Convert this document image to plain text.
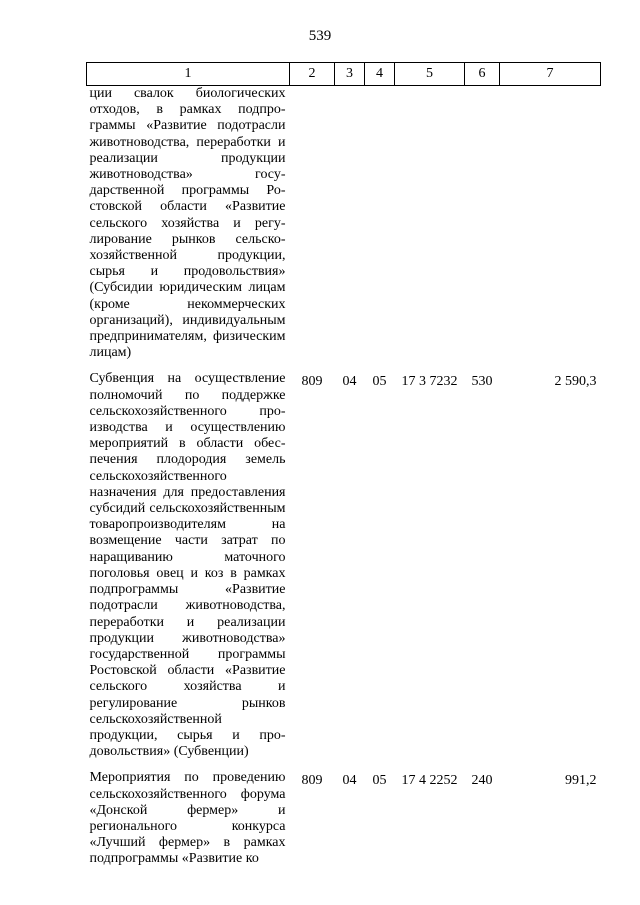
539
1	2	3	4	5	6	7
ции свалок биологических отходов, в рамках подпрограммы «Развитие подотрасли животноводства, переработки и реализации продукции животноводства» государственной программы Ростовской области «Развитие сельского хозяйства и регулирование рынков сельскохозяйственной продукции, сырья и продовольствия» (Субсидии юридическим лицам (кроме некоммерческих организаций), индивидуальным предпринимателям, физическим лицам)						

Субвенция на осуществление полномочий по поддержке сельскохозяйственного производства и осуществлению мероприятий в области обеспечения плодородия земель сельскохозяйственного назначения для предоставления субсидий сельскохозяйственным товаропроизводителям на возмещение части затрат по наращиванию маточного поголовья овец и коз в рамках подпрограммы «Развитие подотрасли животноводства, переработки и реализации продукции животноводства» государственной программы Ростовской области «Развитие сельского хозяйства и регулирование рынков сельскохозяйственной продукции, сырья и продовольствия» (Субвенции)	809	04	05	17 3 7232	530	2 590,3

Мероприятия по проведению сельскохозяйственного форума «Донской фермер» и регионального конкурса «Лучший фермер» в рамках подпрограммы «Развитие ко	809	04	05	17 4 2252	240	991,2
